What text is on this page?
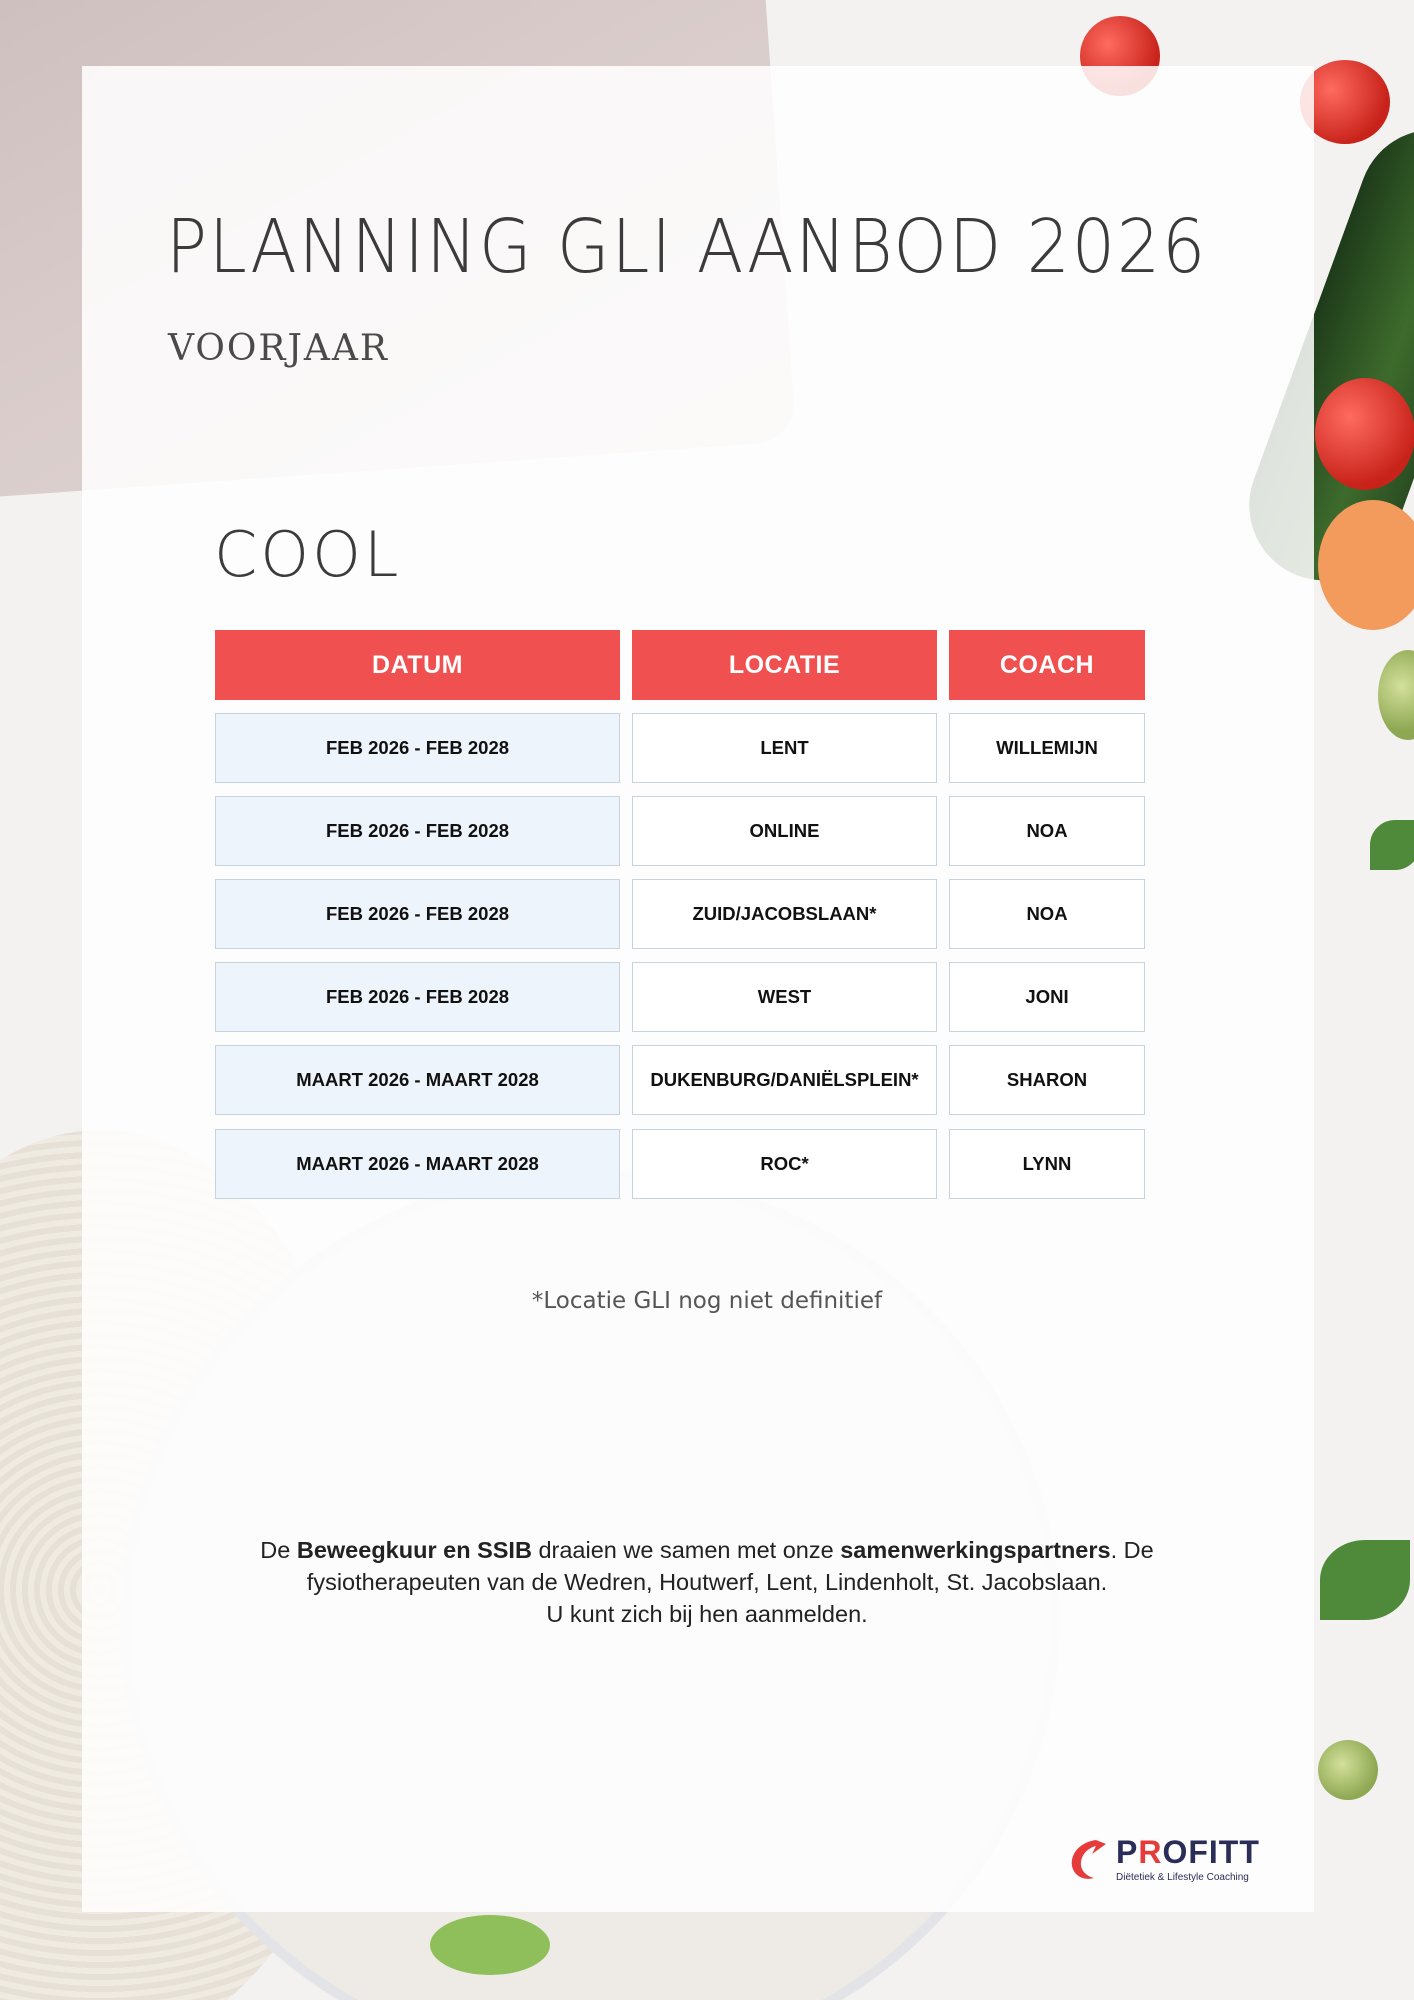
PLANNING GLI AANBOD 2026
VOORJAAR
COOL
DATUM	LOCATIE	COACH
FEB 2026 - FEB 2028	LENT	WILLEMIJN
FEB 2026 - FEB 2028	ONLINE	NOA
FEB 2026 - FEB 2028	ZUID/JACOBSLAAN*	NOA
FEB 2026 - FEB 2028	WEST	JONI
MAART 2026 - MAART 2028	DUKENBURG/DANIËLSPLEIN*	SHARON
MAART 2026 - MAART 2028	ROC*	LYNN

*Locatie GLI nog niet definitief

De Beweegkuur en SSIB draaien we samen met onze samenwerkingspartners. De fysiotherapeuten van de Wedren, Houtwerf, Lent, Lindenholt, St. Jacobslaan.
U kunt zich bij hen aanmelden.

PROFITT
Diëtetiek & Lifestyle Coaching
